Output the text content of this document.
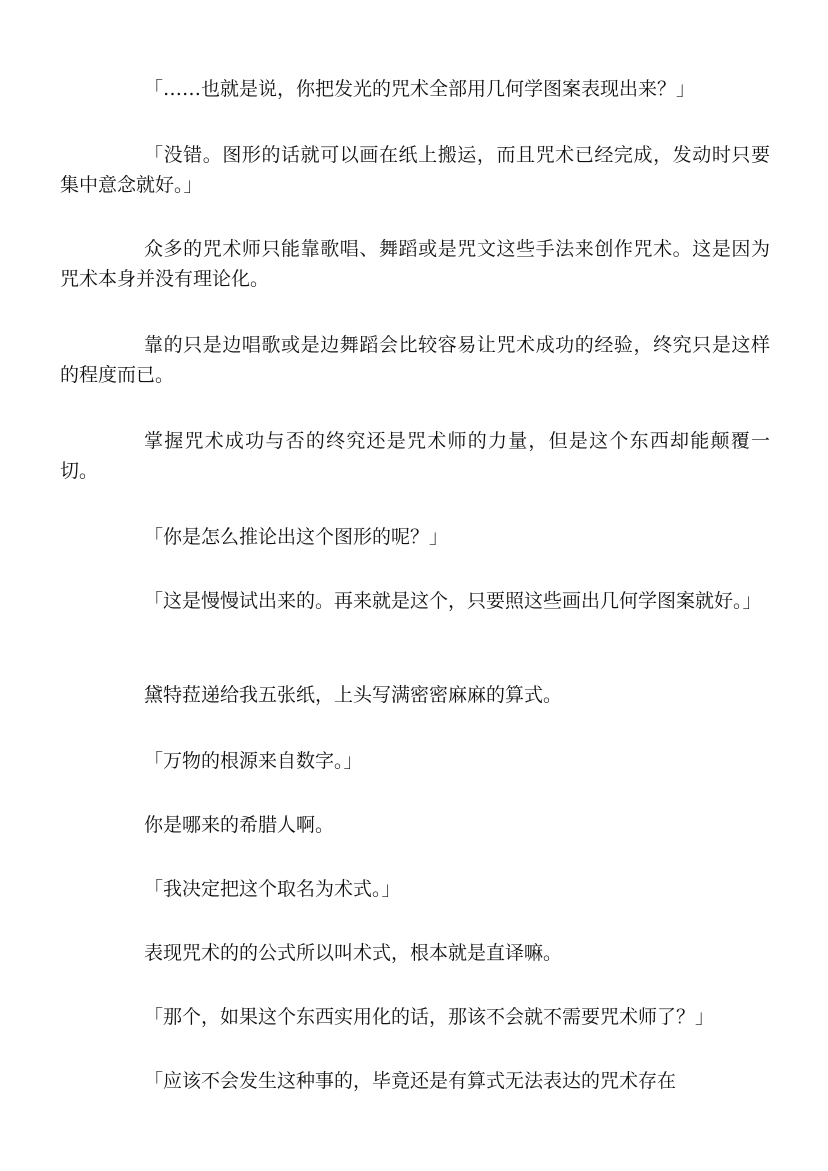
「……也就是说，你把发光的咒术全部用几何学图案表现出来？」

「没错。图形的话就可以画在纸上搬运，而且咒术已经完成，发动时只要集中意念就好。」

众多的咒术师只能靠歌唱、舞蹈或是咒文这些手法来创作咒术。这是因为咒术本身并没有理论化。

靠的只是边唱歌或是边舞蹈会比较容易让咒术成功的经验，终究只是这样的程度而已。

掌握咒术成功与否的终究还是咒术师的力量，但是这个东西却能颠覆一切。

「你是怎么推论出这个图形的呢？」

「这是慢慢试出来的。再来就是这个，只要照这些画出几何学图案就好。」

黛特菈递给我五张纸，上头写满密密麻麻的算式。

「万物的根源来自数字。」

你是哪来的希腊人啊。

「我决定把这个取名为术式。」

表现咒术的的公式所以叫术式，根本就是直译嘛。

「那个，如果这个东西实用化的话，那该不会就不需要咒术师了？」

「应该不会发生这种事的，毕竟还是有算式无法表达的咒术存在
